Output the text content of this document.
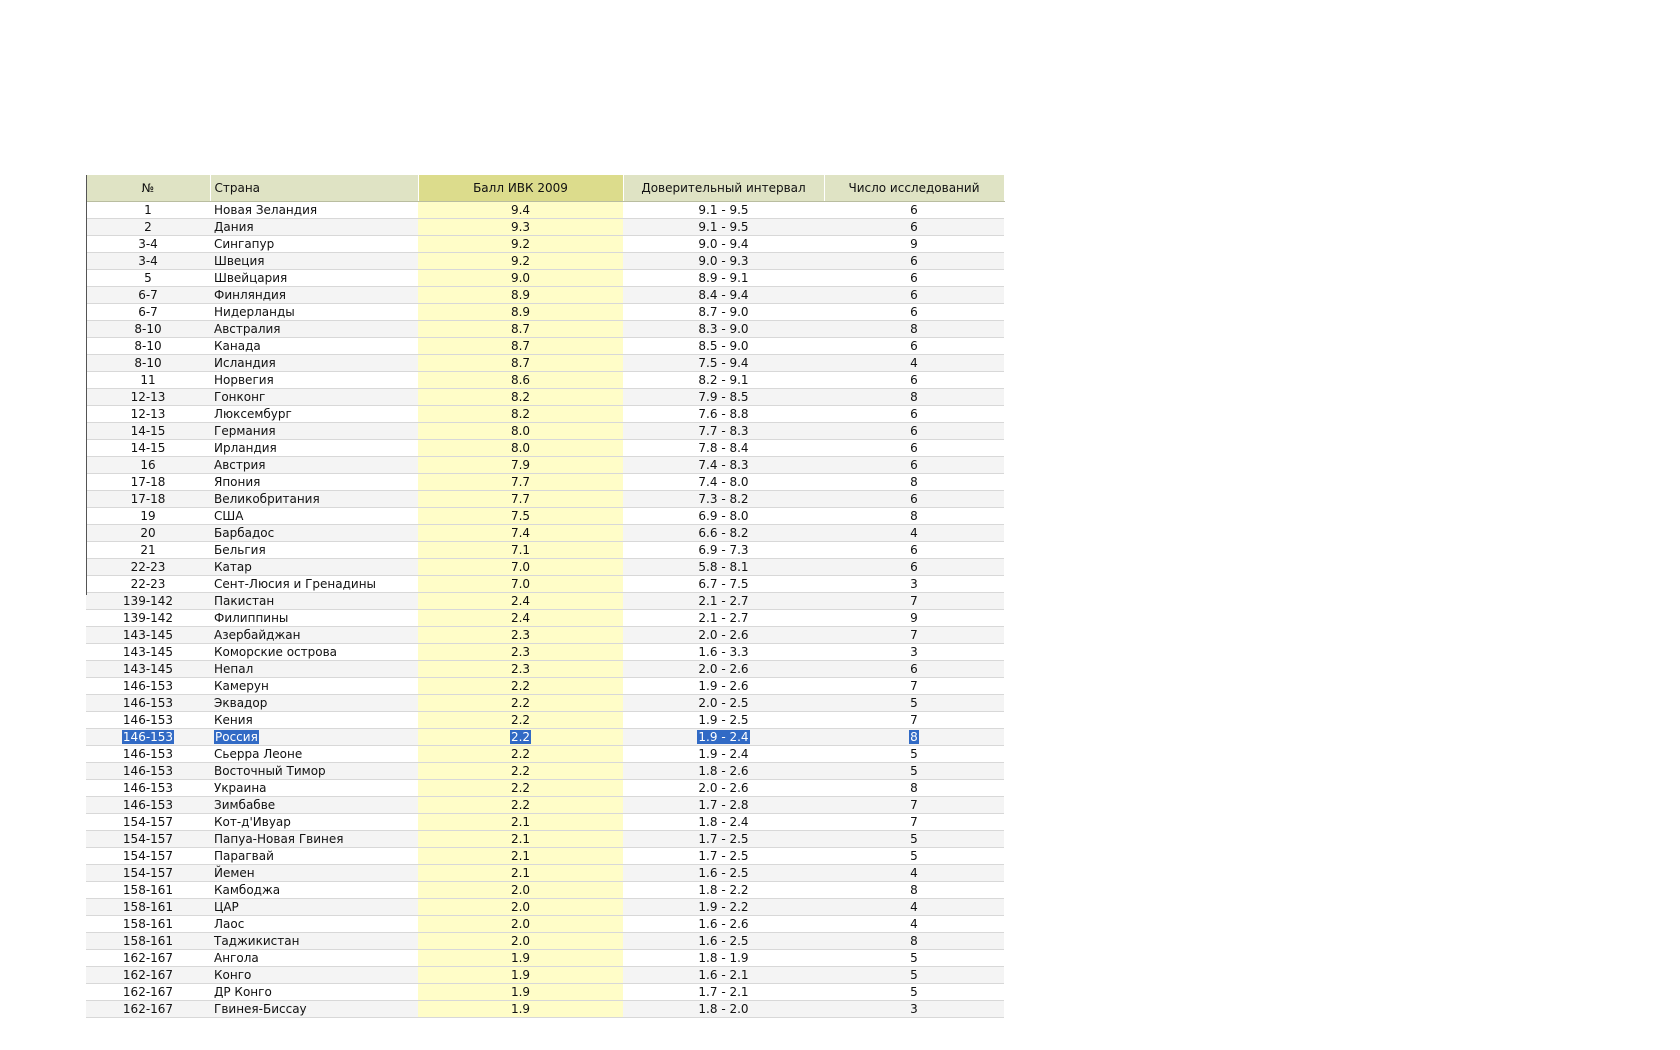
№	Страна	Балл ИВК 2009	Доверительный интервал	Число исследований
1	Новая Зеландия	9.4	9.1 - 9.5	6
2	Дания	9.3	9.1 - 9.5	6
3-4	Сингапур	9.2	9.0 - 9.4	9
3-4	Швеция	9.2	9.0 - 9.3	6
5	Швейцария	9.0	8.9 - 9.1	6
6-7	Финляндия	8.9	8.4 - 9.4	6
6-7	Нидерланды	8.9	8.7 - 9.0	6
8-10	Австралия	8.7	8.3 - 9.0	8
8-10	Канада	8.7	8.5 - 9.0	6
8-10	Исландия	8.7	7.5 - 9.4	4
11	Норвегия	8.6	8.2 - 9.1	6
12-13	Гонконг	8.2	7.9 - 8.5	8
12-13	Люксембург	8.2	7.6 - 8.8	6
14-15	Германия	8.0	7.7 - 8.3	6
14-15	Ирландия	8.0	7.8 - 8.4	6
16	Австрия	7.9	7.4 - 8.3	6
17-18	Япония	7.7	7.4 - 8.0	8
17-18	Великобритания	7.7	7.3 - 8.2	6
19	США	7.5	6.9 - 8.0	8
20	Барбадос	7.4	6.6 - 8.2	4
21	Бельгия	7.1	6.9 - 7.3	6
22-23	Катар	7.0	5.8 - 8.1	6
22-23	Сент-Люсия и Гренадины	7.0	6.7 - 7.5	3
139-142	Пакистан	2.4	2.1 - 2.7	7
139-142	Филиппины	2.4	2.1 - 2.7	9
143-145	Азербайджан	2.3	2.0 - 2.6	7
143-145	Коморские острова	2.3	1.6 - 3.3	3
143-145	Непал	2.3	2.0 - 2.6	6
146-153	Камерун	2.2	1.9 - 2.6	7
146-153	Эквадор	2.2	2.0 - 2.5	5
146-153	Кения	2.2	1.9 - 2.5	7
146-153	Россия	2.2	1.9 - 2.4	8
146-153	Сьерра Леоне	2.2	1.9 - 2.4	5
146-153	Восточный Тимор	2.2	1.8 - 2.6	5
146-153	Украина	2.2	2.0 - 2.6	8
146-153	Зимбабве	2.2	1.7 - 2.8	7
154-157	Кот-д'Ивуар	2.1	1.8 - 2.4	7
154-157	Папуа-Новая Гвинея	2.1	1.7 - 2.5	5
154-157	Парагвай	2.1	1.7 - 2.5	5
154-157	Йемен	2.1	1.6 - 2.5	4
158-161	Камбоджа	2.0	1.8 - 2.2	8
158-161	ЦАР	2.0	1.9 - 2.2	4
158-161	Лаос	2.0	1.6 - 2.6	4
158-161	Таджикистан	2.0	1.6 - 2.5	8
162-167	Ангола	1.9	1.8 - 1.9	5
162-167	Конго	1.9	1.6 - 2.1	5
162-167	ДР Конго	1.9	1.7 - 2.1	5
162-167	Гвинея-Биссау	1.9	1.8 - 2.0	3
